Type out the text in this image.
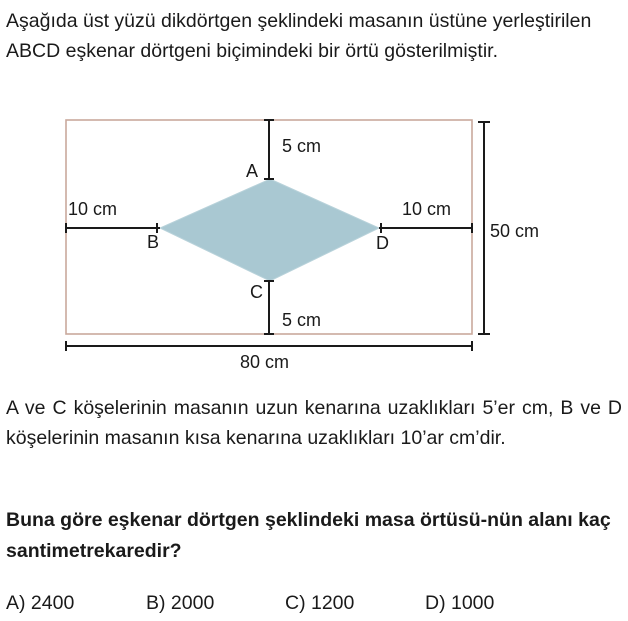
Aşağıda üst yüzü dikdörtgen şeklindeki masanın üstüne yerleştirilen ABCD eşkenar dörtgeni biçimindeki bir örtü gösterilmiştir.

A
B
C
D
5 cm
5 cm
10 cm	10 cm
50 cm
80 cm

A ve C köşelerinin masanın uzun kenarına uzaklıkları 5’er cm, B ve D köşelerinin masanın kısa kenarına uzaklıkları 10’ar cm’dir.

Buna göre eşkenar dörtgen şeklindeki masa örtüsü-nün alanı kaç santimetrekaredir?

A) 2400	B) 2000	C) 1200	D) 1000
